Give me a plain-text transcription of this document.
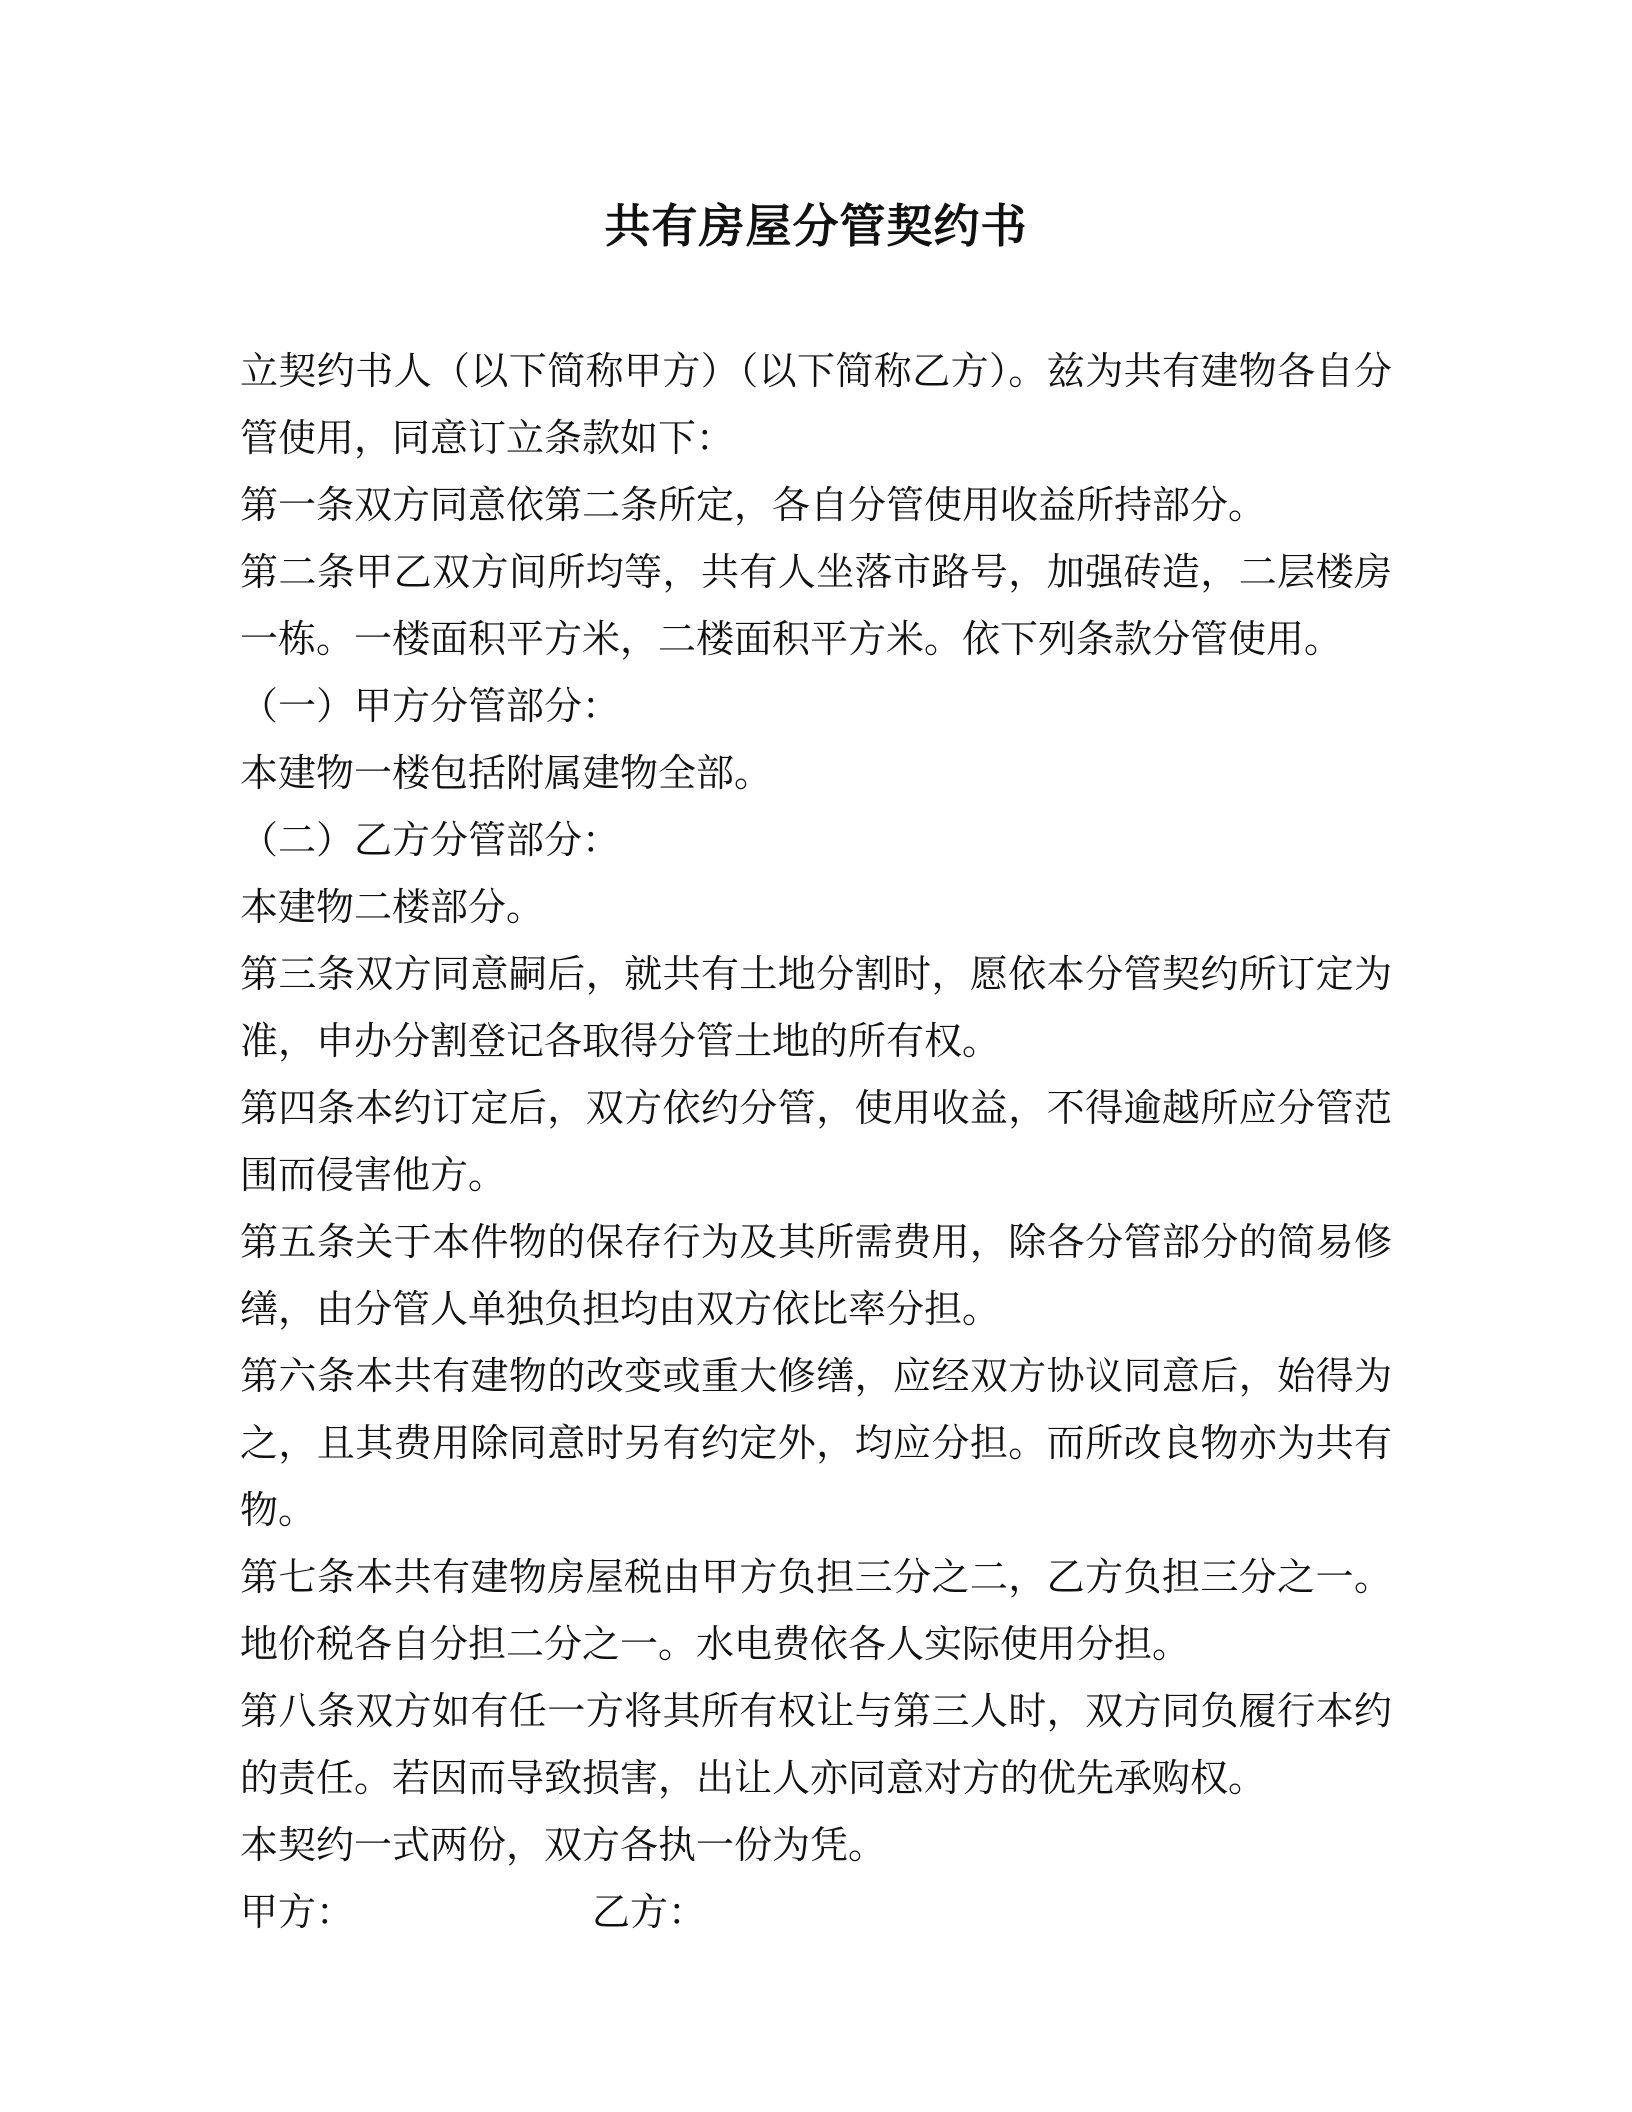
共有房屋分管契约书

立契约书人（以下简称甲方）（以下简称乙方）。兹为共有建物各自分管使用，同意订立条款如下：

第一条双方同意依第二条所定，各自分管使用收益所持部分。

第二条甲乙双方间所均等，共有人坐落市路号，加强砖造，二层楼房一栋。一楼面积平方米，二楼面积平方米。依下列条款分管使用。

（一）甲方分管部分：

本建物一楼包括附属建物全部。

（二）乙方分管部分：

本建物二楼部分。

第三条双方同意嗣后，就共有土地分割时，愿依本分管契约所订定为准，申办分割登记各取得分管土地的所有权。

第四条本约订定后，双方依约分管，使用收益，不得逾越所应分管范围而侵害他方。

第五条关于本件物的保存行为及其所需费用，除各分管部分的简易修缮，由分管人单独负担均由双方依比率分担。

第六条本共有建物的改变或重大修缮，应经双方协议同意后，始得为之，且其费用除同意时另有约定外，均应分担。而所改良物亦为共有物。

第七条本共有建物房屋税由甲方负担三分之二，乙方负担三分之一。地价税各自分担二分之一。水电费依各人实际使用分担。

第八条双方如有任一方将其所有权让与第三人时，双方同负履行本约的责任。若因而导致损害，出让人亦同意对方的优先承购权。

本契约一式两份，双方各执一份为凭。

甲方：	乙方：
